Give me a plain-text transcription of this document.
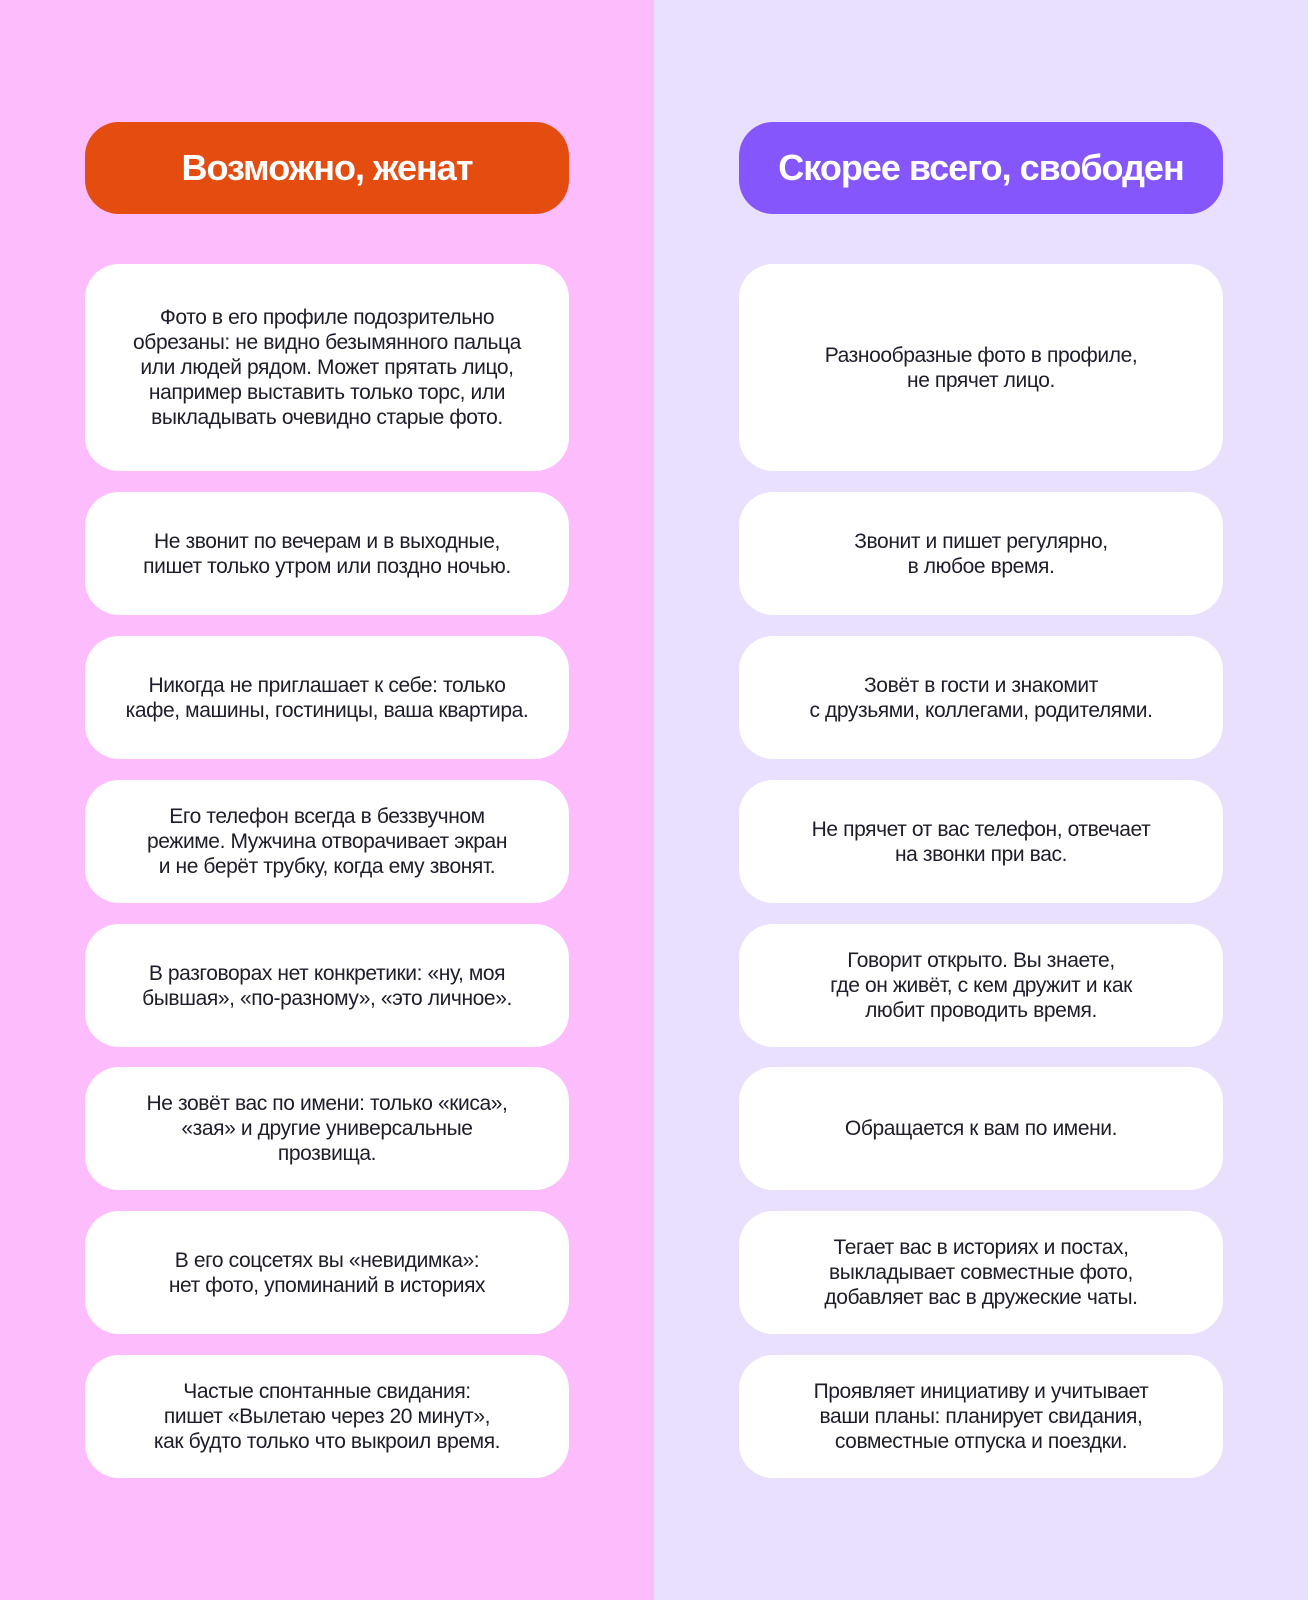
Возможно, женат
Фото в его профиле подозрительно
обрезаны: не видно безымянного пальца
или людей рядом. Может прятать лицо,
например выставить только торс, или
выкладывать очевидно старые фото.
Не звонит по вечерам и в выходные,
пишет только утром или поздно ночью.
Никогда не приглашает к себе: только
кафе, машины, гостиницы, ваша квартира.
Его телефон всегда в беззвучном
режиме. Мужчина отворачивает экран
и не берёт трубку, когда ему звонят.
В разговорах нет конкретики: «ну, моя
бывшая», «по-разному», «это личное».
Не зовёт вас по имени: только «киса»,
«зая» и другие универсальные
прозвища.
В его соцсетях вы «невидимка»:
нет фото, упоминаний в историях
Частые спонтанные свидания:
пишет «Вылетаю через 20 минут»,
как будто только что выкроил время.
Скорее всего, свободен
Разнообразные фото в профиле,
не прячет лицо.
Звонит и пишет регулярно,
в любое время.
Зовёт в гости и знакомит
с друзьями, коллегами, родителями.
Не прячет от вас телефон, отвечает
на звонки при вас.
Говорит открыто. Вы знаете,
где он живёт, с кем дружит и как
любит проводить время.
Обращается к вам по имени.
Тегает вас в историях и постах,
выкладывает совместные фото,
добавляет вас в дружеские чаты.
Проявляет инициативу и учитывает
ваши планы: планирует свидания,
совместные отпуска и поездки.
